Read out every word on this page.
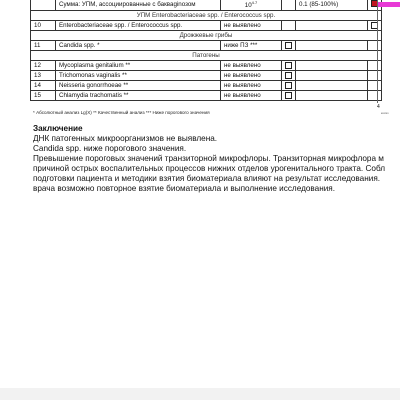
	Сумма: УПМ, ассоциированные с бакваginозом	$10^{4.7}$		0.1 (85-100%)	
УПМ Enterobacteriaceae spp. / Enterococcus spp.					
10	Enterobacteriaceae spp. / Enterococcus spp.	не выявлено			
Дрожжевые грибы					
11	Candida spp. *	ниже ПЗ ***			
Патогены					
12	Mycoplasma genitalium **	не выявлено			
13	Trichomonas vaginalis **	не выявлено			
14	Neisseria gonorrhoeae **	не выявлено			
15	Chlamydia trachomatis **	не выявлено			
4
косяз
* Абсолютный анализ Lg(X) ** Качественный анализ *** Ниже порогового значения
Заключение
ДНК патогенных микроорганизмов не выявлена.
Candida spp. ниже порогового значения.
Превышение пороговых значений транзиторной микрофлоры. Транзиторная микрофлора м
причиной острых воспалительных процессов нижних отделов урогенитального тракта. Собл
подготовки пациента и методики взятия биоматериала влияют на результат исследования.
врача возможно повторное взятие биоматериала и выполнение исследования.
